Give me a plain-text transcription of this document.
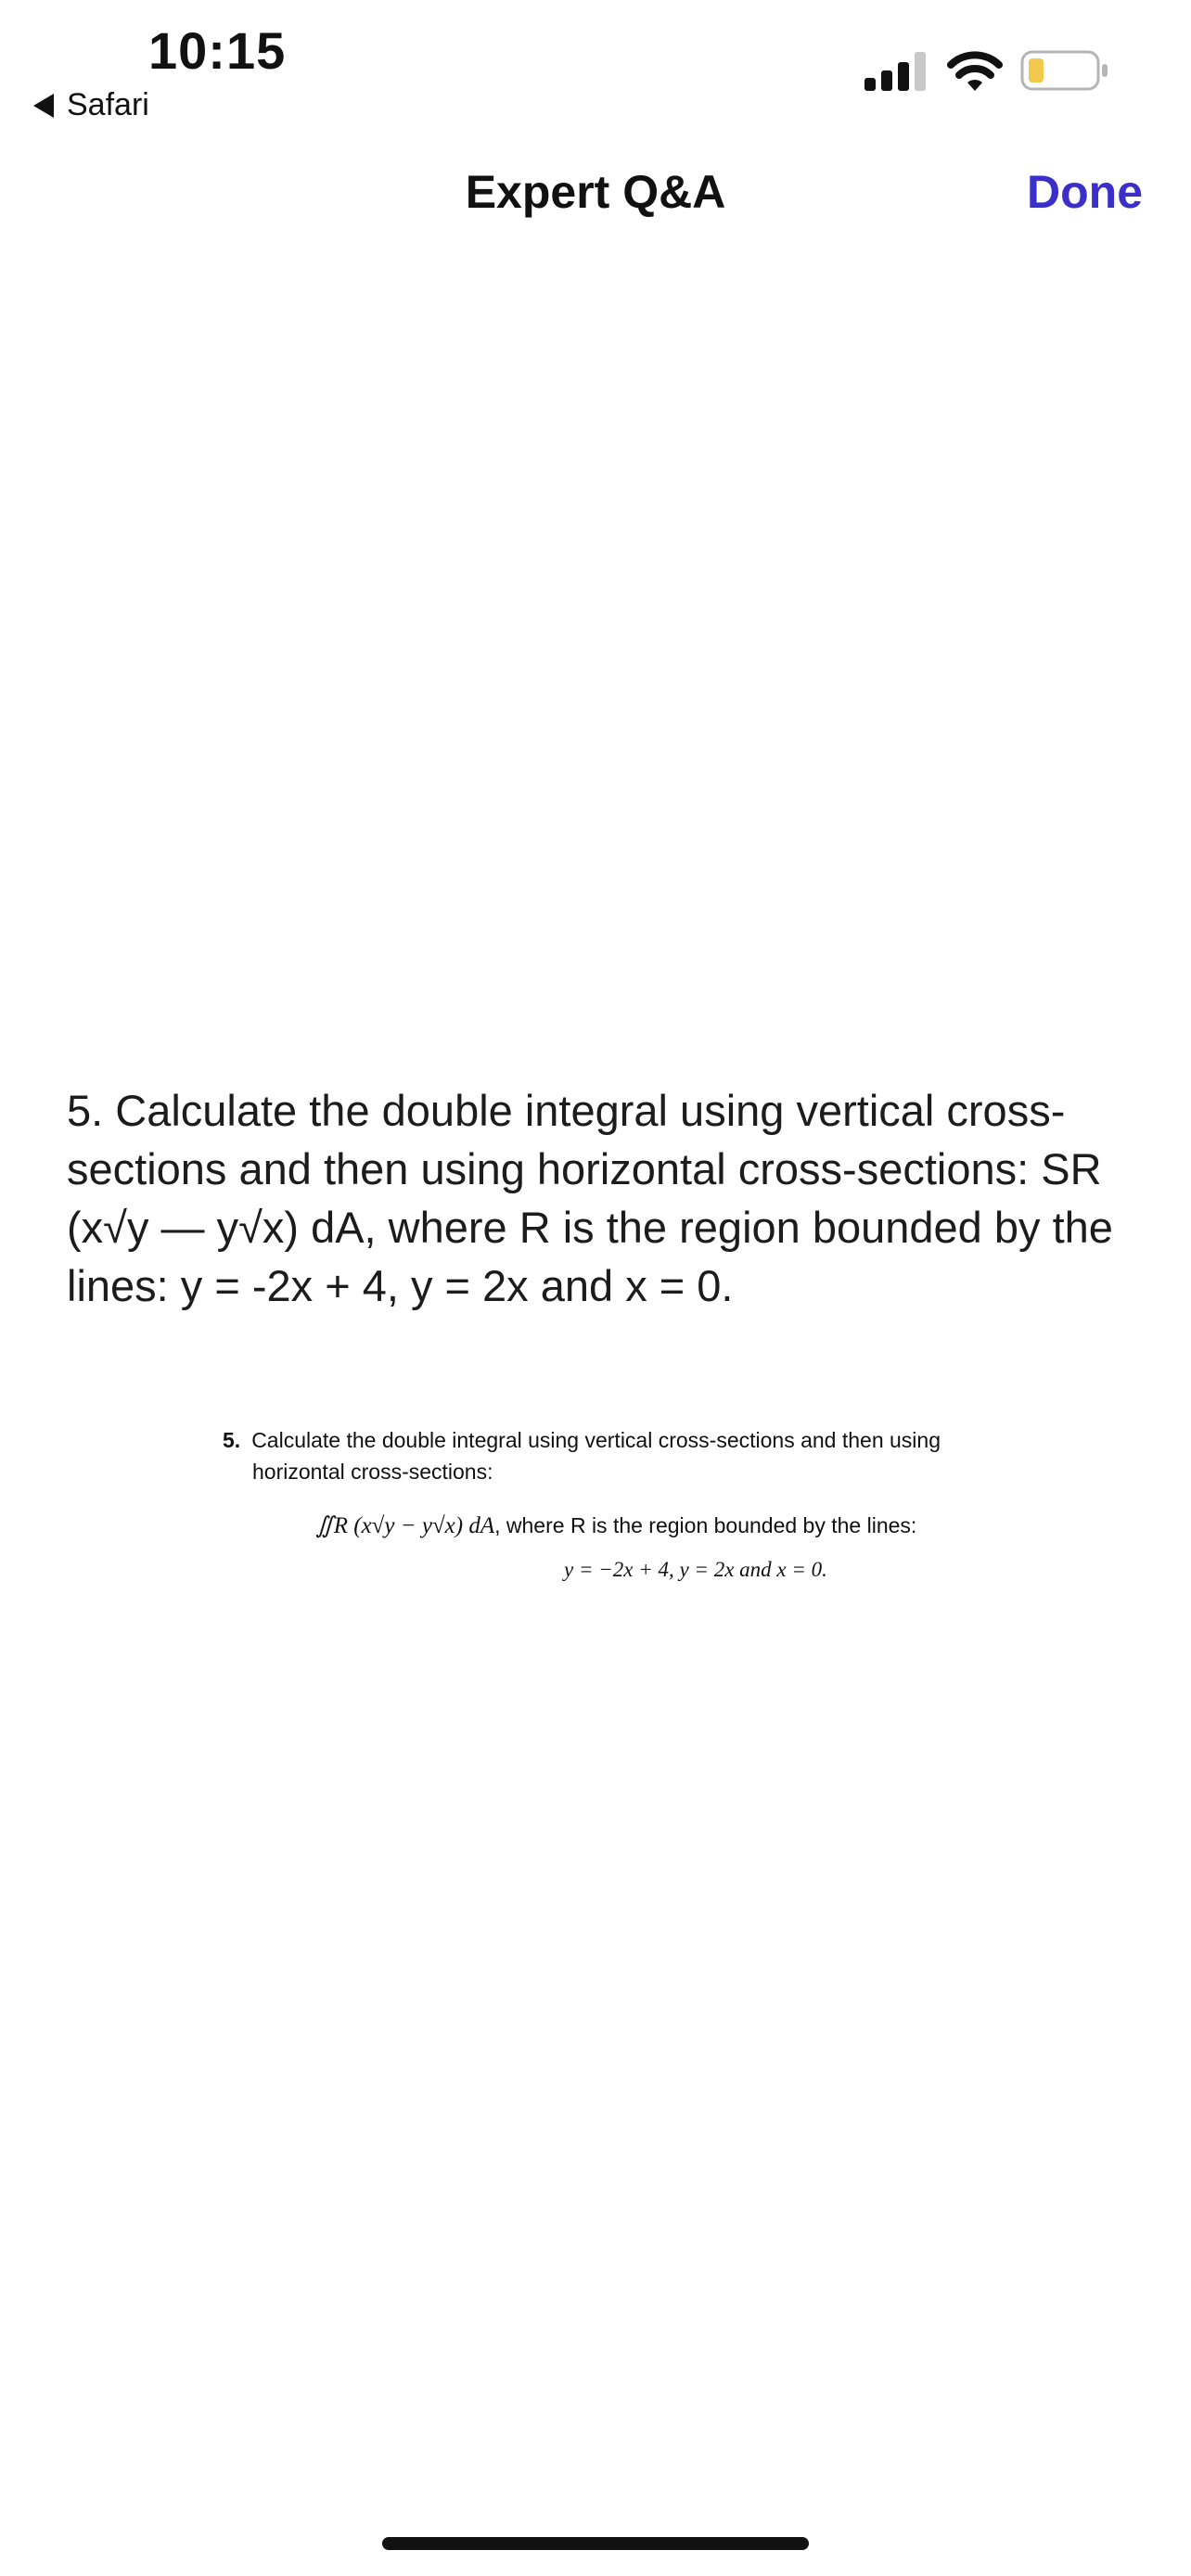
10:15
Safari
Expert Q&A	Done
5. Calculate the double integral using vertical cross-sections and then using horizontal cross-sections: SR (x√y — y√x) dA, where R is the region bounded by the lines: y = -2x + 4, y = 2x and x = 0.
5. Calculate the double integral using vertical cross-sections and then using
horizontal cross-sections:
∬R (x√y − y√x) dA, where R is the region bounded by the lines:
y = −2x + 4, y = 2x and x = 0.
